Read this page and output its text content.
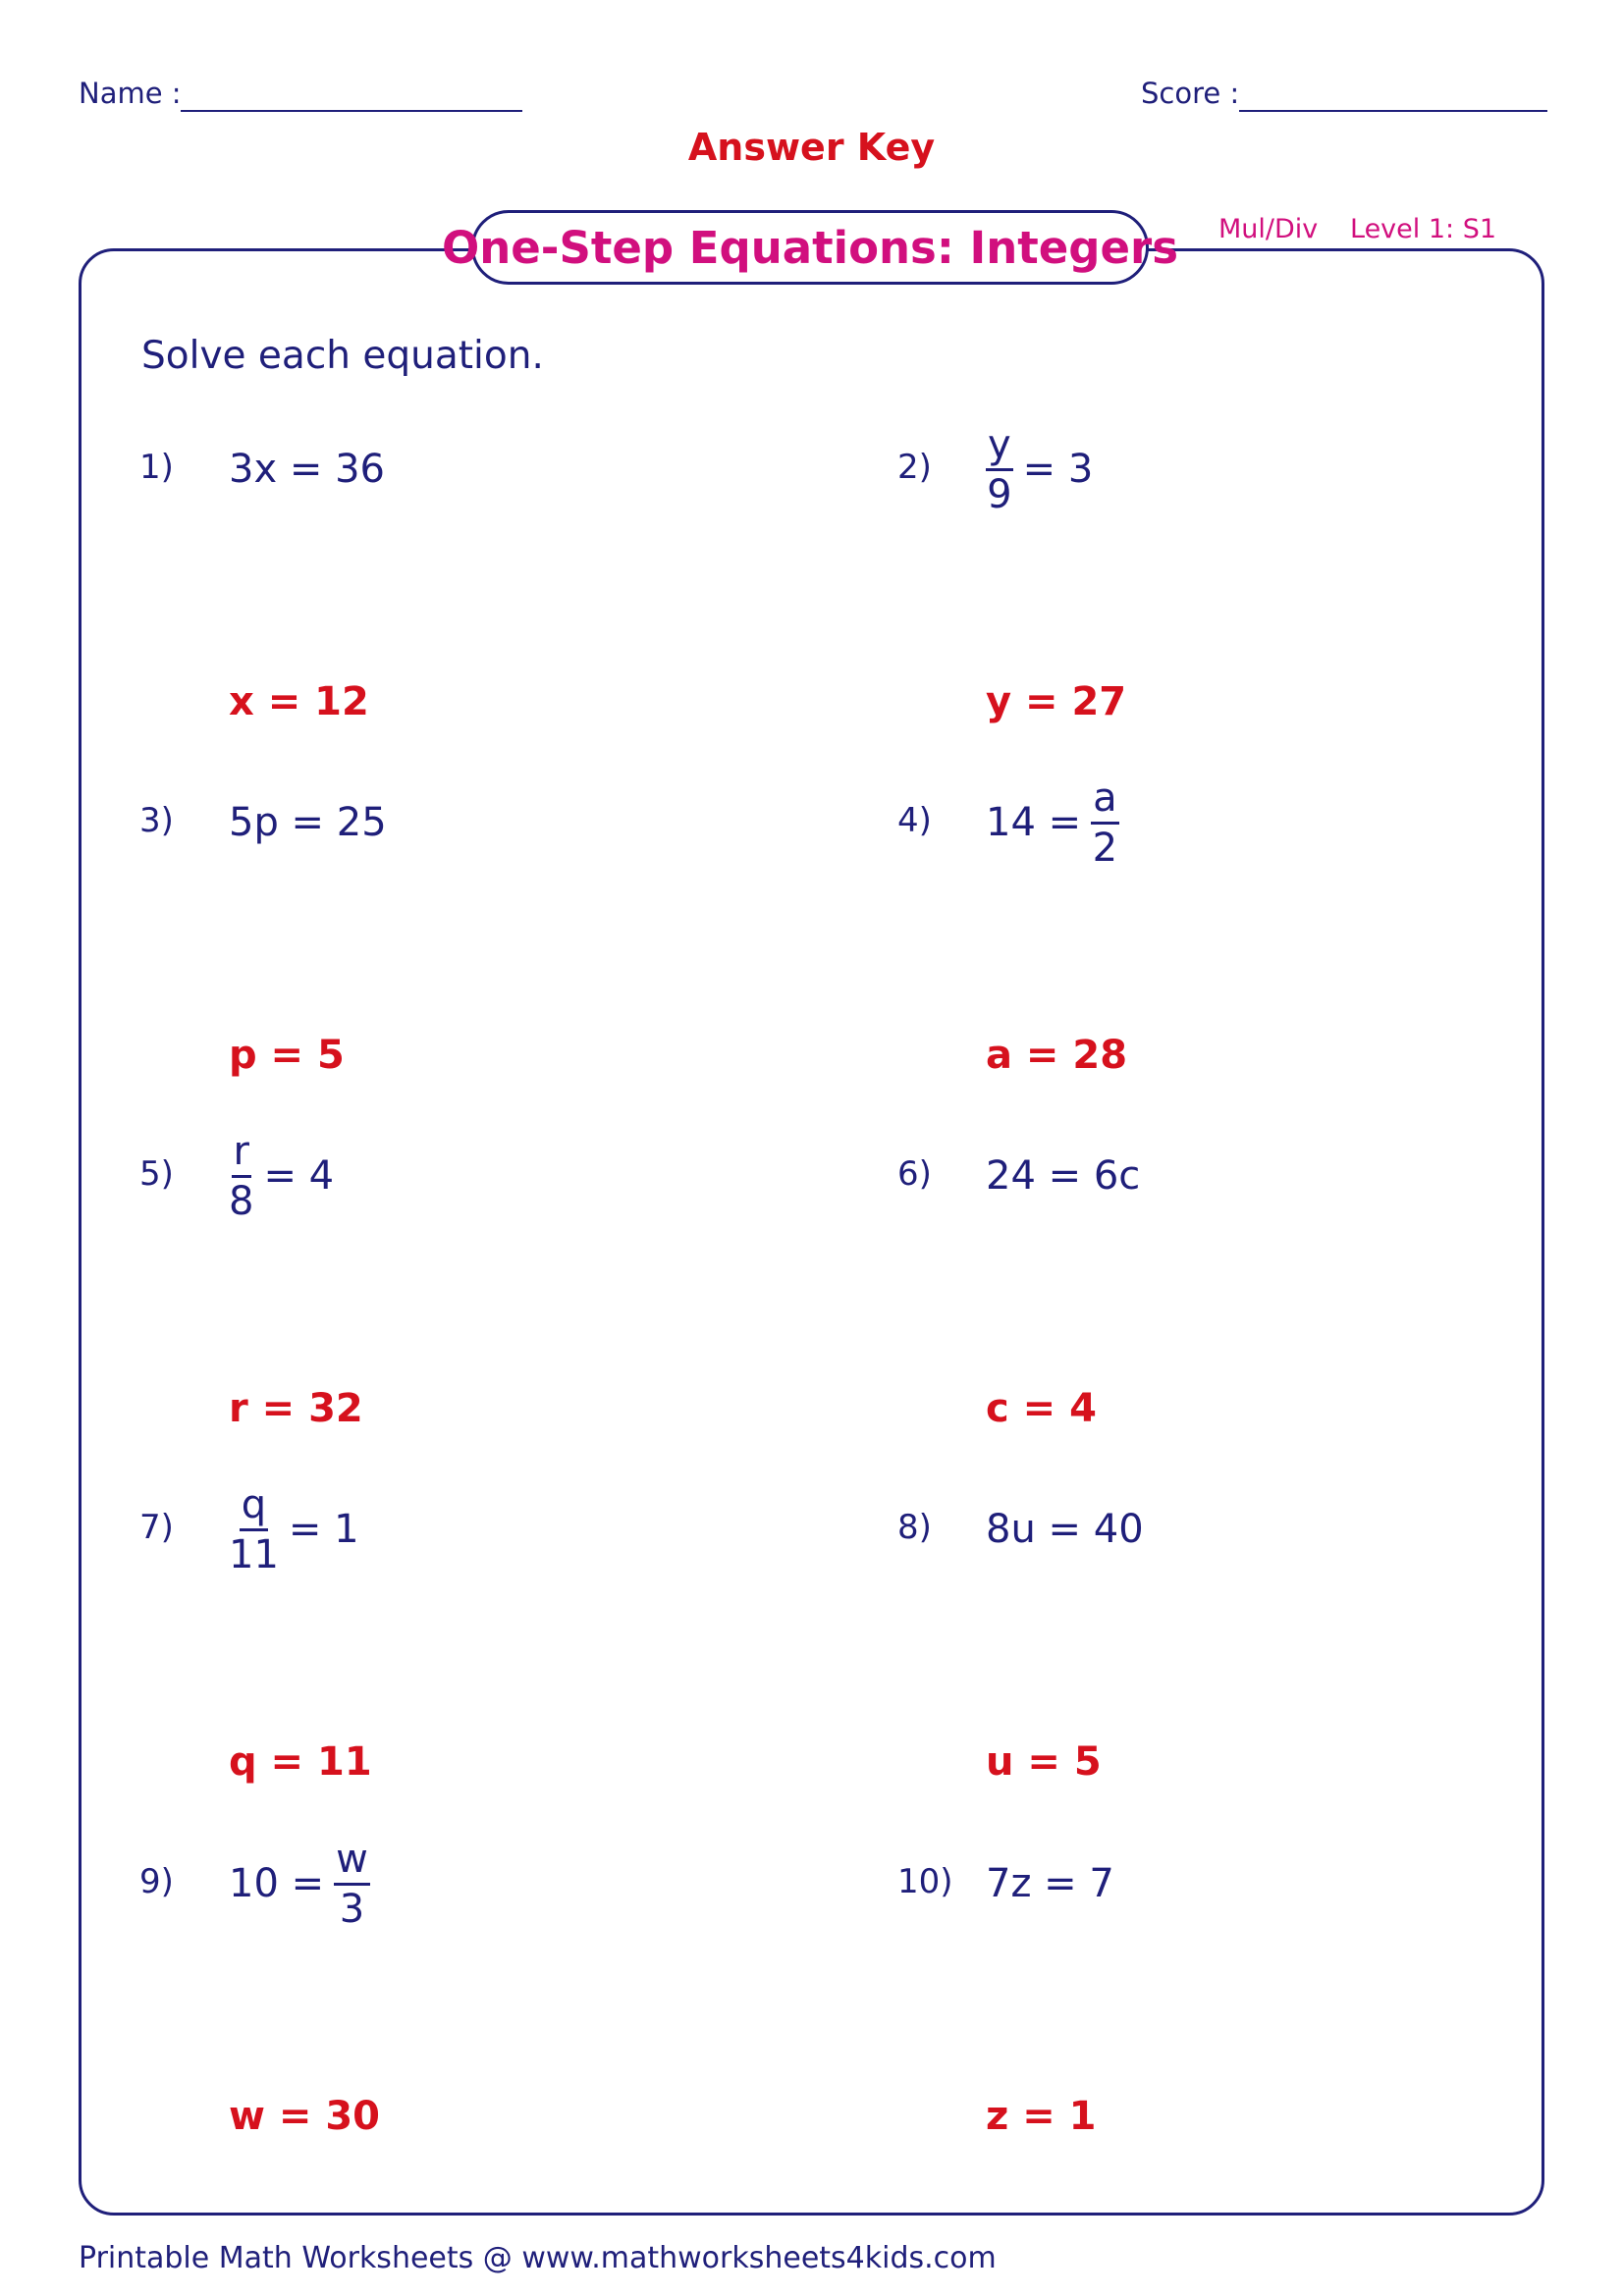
Name :	Score :
Answer Key
One-Step Equations: Integers Mul/Div Level 1: S1
Solve each equation.
1) 3x = 36
x = 12
$2) \frac{y}{9} = 3$
y = 27
3) 5p = 25
p = 5
4) $14 = \frac{a}{2}$
a = 28
$5) \frac{r}{8} = 4$
r = 32
6) 24 = 6c
c = 4
$7) \frac{q}{11} = 1$
q = 11
8) 8u = 40
u = 5
9) $10 = \frac{w}{3}$
w = 30
10) 7z = 7
z = 1
Printable Math Worksheets @ www.mathworksheets4kids.com
